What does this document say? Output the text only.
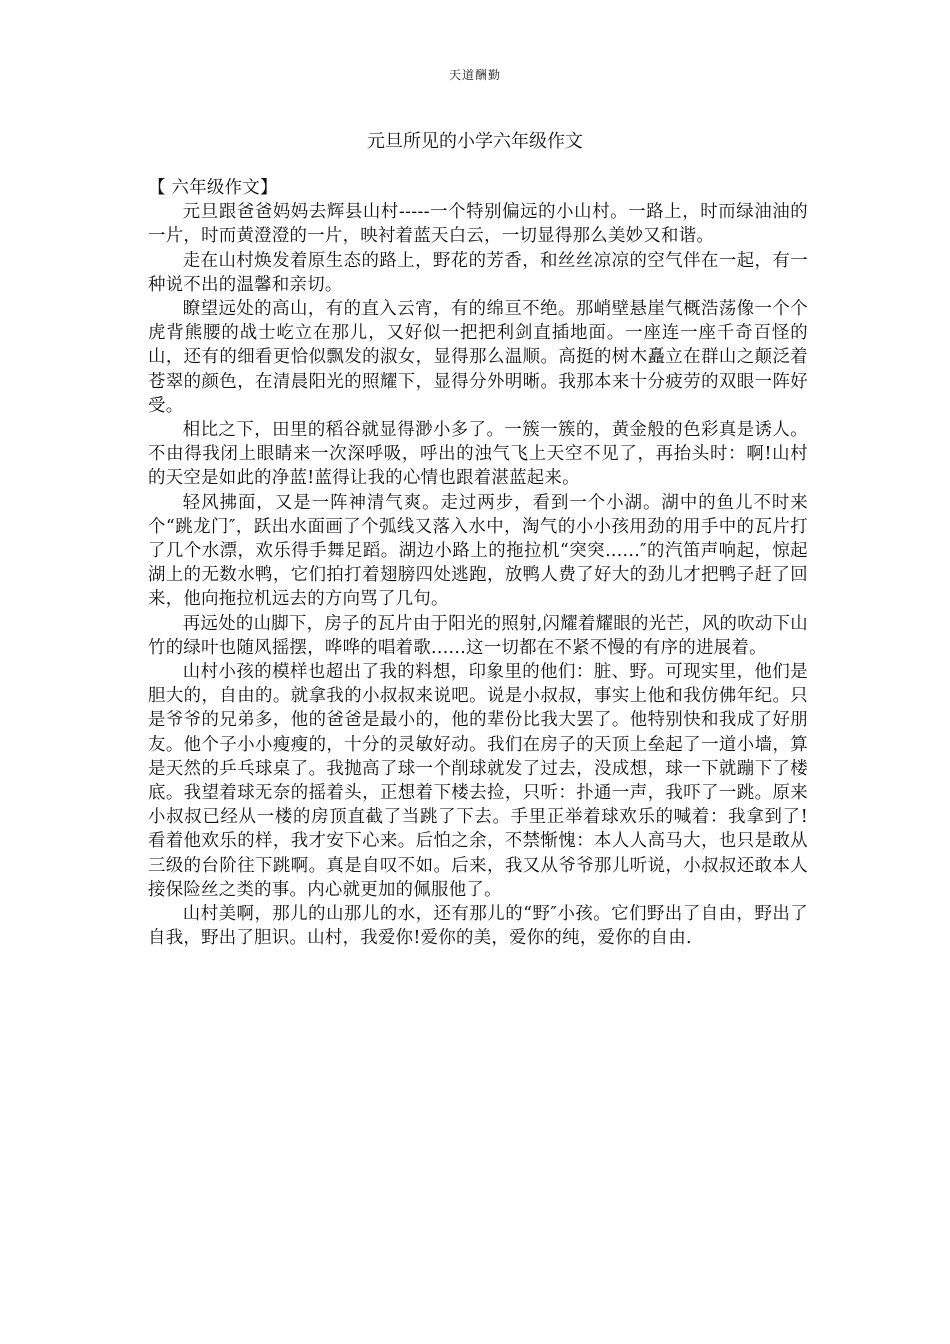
天道酬勤
元旦所见的小学六年级作文

【 六年级作文】

元旦跟爸爸妈妈去辉县山村-----一个特别偏远的小山村。一路上，时而绿油油的一片，时而黄澄澄的一片，映衬着蓝天白云，一切显得那么美妙又和谐。

走在山村焕发着原生态的路上，野花的芳香，和丝丝凉凉的空气伴在一起，有一种说不出的温馨和亲切。

瞭望远处的高山，有的直入云宵，有的绵亘不绝。那峭壁悬崖气概浩荡像一个个虎背熊腰的战士屹立在那儿，又好似一把把利剑直插地面。一座连一座千奇百怪的山，还有的细看更恰似飘发的淑女，显得那么温顺。高挺的树木矗立在群山之颠泛着苍翠的颜色，在清晨阳光的照耀下，显得分外明晰。我那本来十分疲劳的双眼一阵好受。

相比之下，田里的稻谷就显得渺小多了。一簇一簇的，黄金般的色彩真是诱人。不由得我闭上眼睛来一次深呼吸，呼出的浊气飞上天空不见了，再抬头时：啊!山村的天空是如此的净蓝!蓝得让我的心情也跟着湛蓝起来。

轻风拂面，又是一阵神清气爽。走过两步，看到一个小湖。湖中的鱼儿不时来个“跳龙门″，跃出水面画了个弧线又落入水中，淘气的小小孩用劲的用手中的瓦片打了几个水漂，欢乐得手舞足蹈。湖边小路上的拖拉机“突突......″的汽笛声响起，惊起湖上的无数水鸭，它们拍打着翅膀四处逃跑，放鸭人费了好大的劲儿才把鸭子赶了回来，他向拖拉机远去的方向骂了几句。

再远处的山脚下，房子的瓦片由于阳光的照射,闪耀着耀眼的光芒，风的吹动下山竹的绿叶也随风摇摆，哗哗的唱着歌......这一切都在不紧不慢的有序的进展着。

山村小孩的模样也超出了我的料想，印象里的他们：脏、野。可现实里，他们是胆大的，自由的。就拿我的小叔叔来说吧。说是小叔叔，事实上他和我仿佛年纪。只是爷爷的兄弟多，他的爸爸是最小的，他的辈份比我大罢了。他特别快和我成了好朋友。他个子小小瘦瘦的，十分的灵敏好动。我们在房子的天顶上垒起了一道小墙，算是天然的乒乓球桌了。我抛高了球一个削球就发了过去，没成想，球一下就蹦下了楼底。我望着球无奈的摇着头，正想着下楼去捡，只听：扑通一声，我吓了一跳。原来小叔叔已经从一楼的房顶直截了当跳了下去。手里正举着球欢乐的喊着：我拿到了!看着他欢乐的样，我才安下心来。后怕之余，不禁惭愧：本人人高马大，也只是敢从三级的台阶往下跳啊。真是自叹不如。后来，我又从爷爷那儿听说，小叔叔还敢本人接保险丝之类的事。内心就更加的佩服他了。

山村美啊，那儿的山那儿的水，还有那儿的“野″小孩。它们野出了自由，野出了自我，野出了胆识。山村，我爱你!爱你的美，爱你的纯，爱你的自由.
